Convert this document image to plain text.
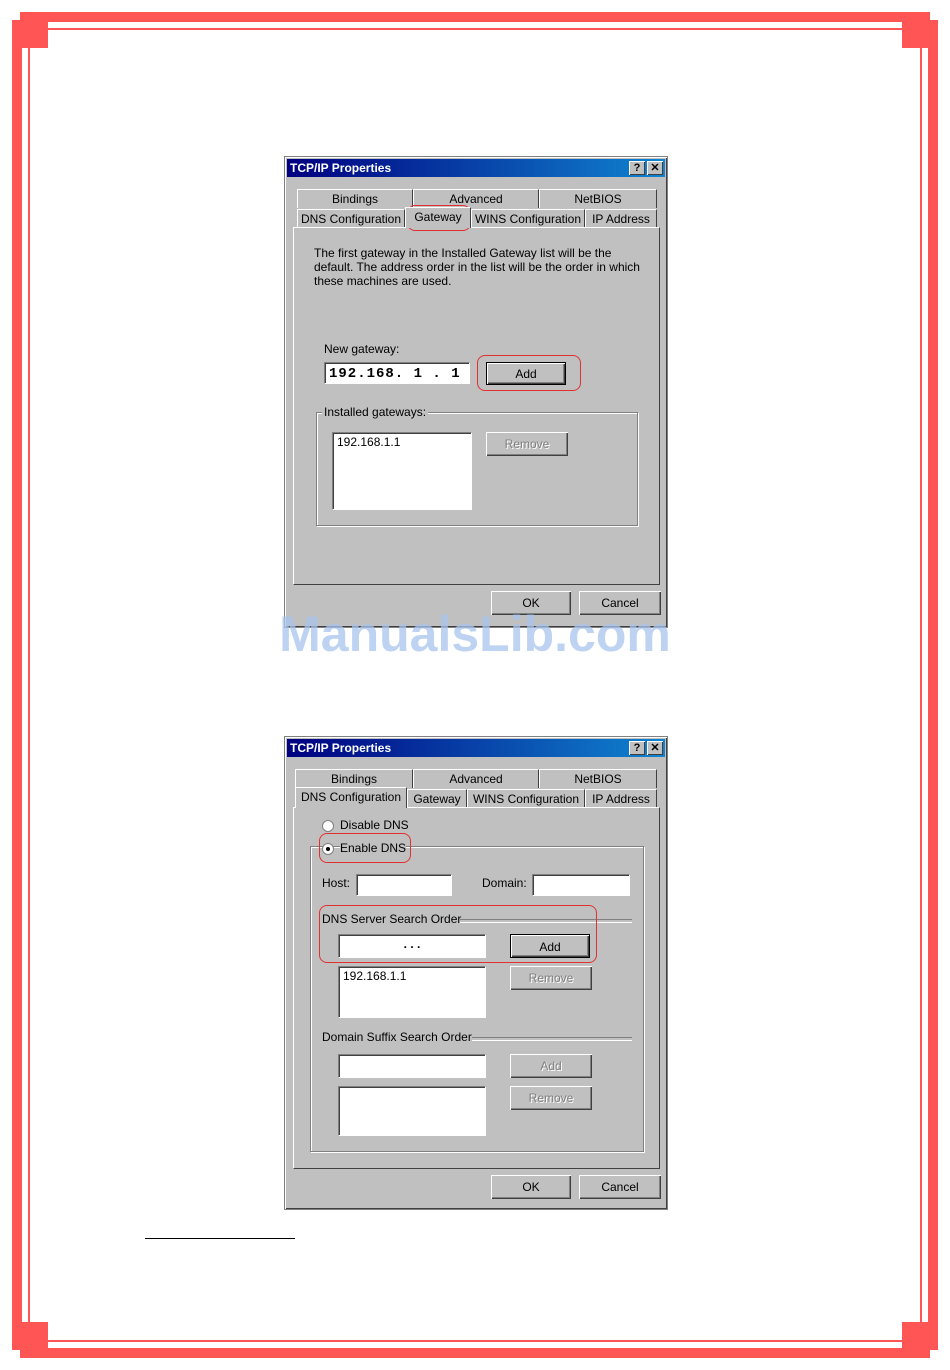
TCP/IP Properties	? ✕
Bindings	Advanced	NetBIOS
DNS Configuration	Gateway	WINS Configuration IP Address
The first gateway in the Installed Gateway list will be the default. The address order in the list will be the order in which these machines are used.
New gateway:
192.168. 1 . 1	Add
Installed gateways:
192.168.1.1	Remove
OK	Cancel
ManualsLib.com
TCP/IP Properties	? ✕
Bindings	Advanced	NetBIOS
DNS Configuration	Gateway	WINS Configuration	IP Address
Disable DNS
Enable DNS
Host:	Domain:
DNS Server Search Order
. . .	Add
192.168.1.1	Remove
Domain Suffix Search Order
Add
Remove
OK	Cancel
